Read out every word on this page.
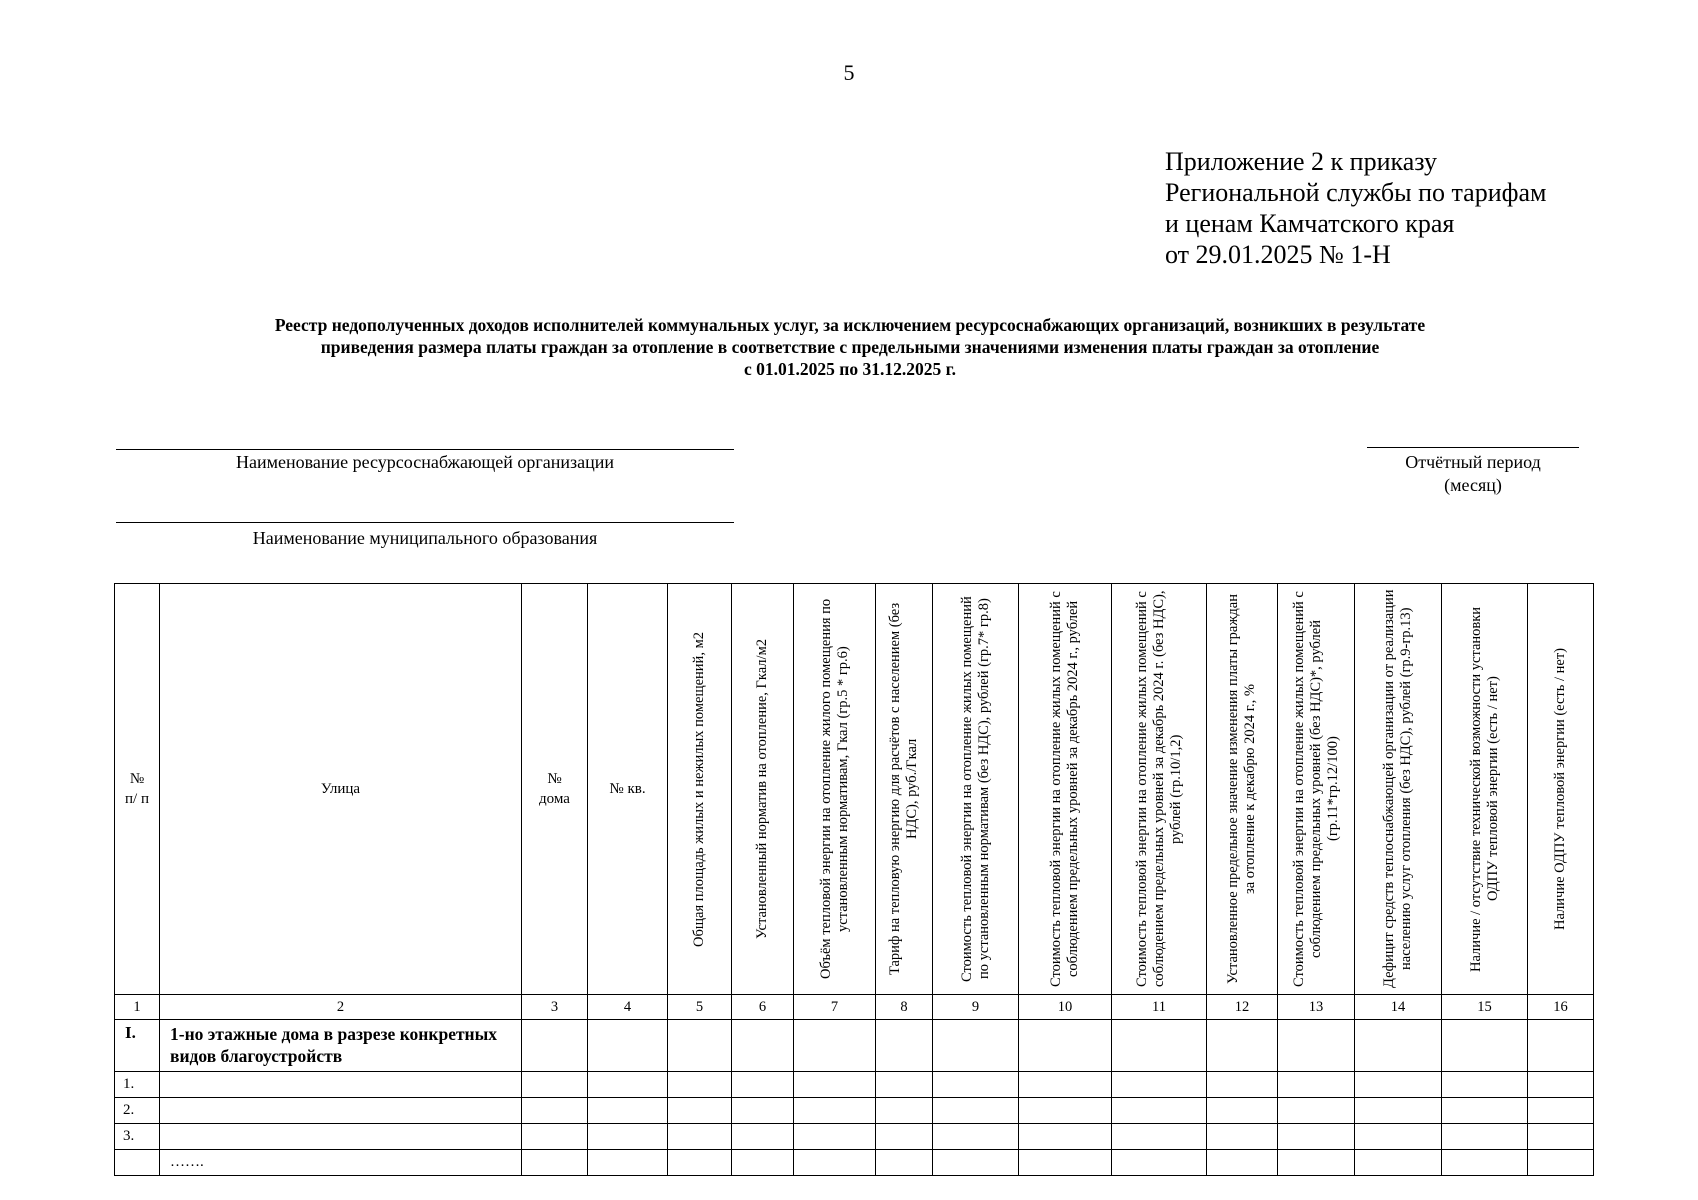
5
Приложение 2 к приказу
Региональной службы по тарифам
и ценам Камчатского края
от 29.01.2025 № 1-Н
Реестр недополученных доходов исполнителей коммунальных услуг, за исключением ресурсоснабжающих организаций, возникших в результате
приведения размера платы граждан за отопление в соответствие с предельными значениями изменения платы граждан за отопление
с 01.01.2025 по 31.12.2025 г.
Наименование ресурсоснабжающей организации
Наименование муниципального образования
Отчётный период
(месяц)
№ п/ п	Улица	№ дома	№ кв.	Общая площадь жилых и нежилых помещений, м2	Установленный норматив на отопление, Гкал/м2	Объём тепловой энергии на отопление жилого помещения по установленным нормативам, Гкал (гр.5 * гр.6)	Тариф на тепловую энергию для расчётов с населением (без НДС), руб./Гкал	Стоимость тепловой энергии на отопление жилых помещений по установленным нормативам (без НДС), рублей (гр.7* гр.8)	Стоимость тепловой энергии на отопление жилых помещений с соблюдением предельных уровней за декабрь 2024 г., рублей	Стоимость тепловой энергии на отопление жилых помещений с соблюдением предельных уровней за декабрь 2024 г. (без НДС), рублей (гр.10/1,2)	Установленное предельное значение изменения платы граждан за отопление к декабрю 2024 г., %	Стоимость тепловой энергии на отопление жилых помещений с соблюдением предельных уровней (без НДС)*, рублей (гр.11*гр.12/100)	Дефицит средств теплоснабжающей организации от реализации населению услуг отопления (без НДС), рублей (гр.9-гр.13)	Наличие / отсутствие технической возможности установки ОДПУ тепловой энергии (есть / нет)	Наличие ОДПУ тепловой энергии (есть / нет)

1	2	3	4	5	6	7	8	9	10	11	12	13	14	15	16
I.	1-но этажные дома в разрезе конкретных видов благоустройств														
1.															
2.															
3.															
	…….														
